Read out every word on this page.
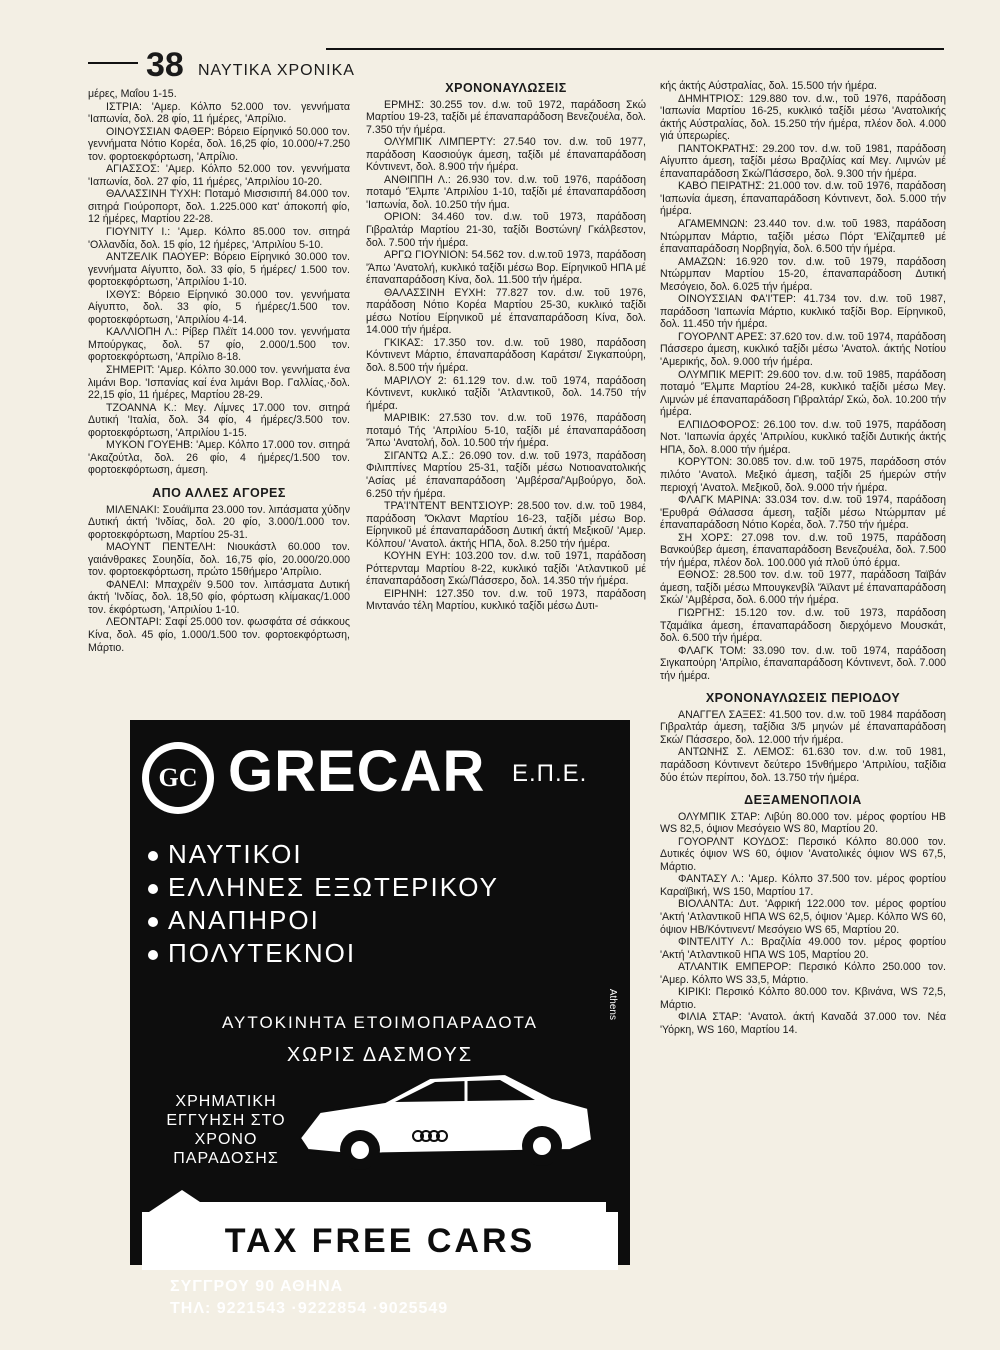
38 ΝΑΥΤΙΚΑ ΧΡΟΝΙΚΑ

μέρες, Μαΐου 1-15.

ΙΣΤΡΙΑ: 'Αμερ. Κόλπο 52.000 τον. γεννήματα 'Ιαπωνία, δολ. 28 φίο, 11 ήμέρες, 'Απρίλιο.

ΟΙΝΟΥΣΣΙΑΝ ΦΑΘΕΡ: Βόρειο Είρηνικό 50.000 τον. γεννήματα Νότιο Κορέα, δολ. 16,25 φίο, 10.000/+7.250 τον. φορτοεκφόρτωση, 'Απρίλιο.

ΑΓΙΑΣΣΟΣ: 'Αμερ. Κόλπο 52.000 τον. γεννήματα 'Ιαπωνία, δολ. 27 φίο, 11 ήμέρες, 'Απριλίου 10-20.

ΘΑΛΑΣΣΙΝΗ ΤΥΧΗ: Ποταμό Μισσισιπή 84.000 τον. σιτηρά Γιούροπορτ, δολ. 1.225.000 κατ' άποκοπή φίο, 12 ήμέρες, Μαρτίου 22-28.

ΓΙΟΥΝΙΤΥ Ι.: 'Αμερ. Κόλπο 85.000 τον. σιτηρά 'Ολλανδία, δολ. 15 φίο, 12 ήμέρες, 'Απριλίου 5-10.

ΑΝΤΖΕΛΙΚ ΠΑΟΥΕΡ: Βόρειο Είρηνικό 30.000 τον. γεννήματα Αίγυπτο, δολ. 33 φίο, 5 ήμέρες/ 1.500 τον. φορτοεκφόρτωση, 'Απριλίου 1-10.

ΙΧΘΥΣ: Βόρειο Είρηνικό 30.000 τον. γεννήματα Αίγυπτο, δολ. 33 φίο, 5 ήμέρες/1.500 τον. φορτοεκφόρτωση, 'Απριλίου 4-14.

ΚΑΛΛΙΟΠΗ Λ.: Ρίβερ Πλέϊτ 14.000 τον. γεννήματα Μπούργκας, δολ. 57 φίο, 2.000/1.500 τον. φορτοεκφόρτωση, 'Απρίλιο 8-18.

ΣΗΜΕΡΙΤ: 'Αμερ. Κόλπο 30.000 τον. γεννήματα ένα λιμάνι Βορ. 'Ισπανίας καί ένα λιμάνι Βορ. Γαλλίας,·δολ. 22,15 φίο, 11 ήμέρες, Μαρτίου 28-29.

ΤΖΟΑΝΝΑ Κ.: Μεγ. Λίμνες 17.000 τον. σιτηρά Δυτική 'Ιταλία, δολ. 34 φίο, 4 ήμέρες/3.500 τον. φορτοεκφόρτωση, 'Απριλίου 1-15.

ΜΥΚΟΝ ΓΟΥΕΗΒ: 'Αμερ. Κόλπο 17.000 τον. σιτηρά 'Ακαζούτλα, δολ. 26 φίο, 4 ήμέρες/1.500 τον. φορτοεκφόρτωση, άμεση.

ΑΠΟ ΑΛΛΕΣ ΑΓΟΡΕΣ

ΜΙΛΕΝΑΚΙ: Σουάϊμπα 23.000 τον. λιπάσματα χύδην Δυτική άκτή 'Ινδίας, δολ. 20 φίο, 3.000/1.000 τον. φορτοεκφόρτωση, Μαρτίου 25-31.

ΜΑΟΥΝΤ ΠΕΝΤΕΛΗ: Νιουκάστλ 60.000 τον. γαιάνθρακες Σουηδία, δολ. 16,75 φίο, 20.000/20.000 τον. φορτοεκφόρτωση, πρώτο 15θήμερο 'Απρίλιο.

ΦΑΝΕΛΙ: Μπαχρέϊν 9.500 τον. λιπάσματα Δυτική άκτή 'Ινδίας, δολ. 18,50 φίο, φόρτωση κλίμακας/1.000 τον. έκφόρτωση, 'Απριλίου 1-10.

ΛΕΟΝΤΑΡΙ: Σαφί 25.000 τον. φωσφάτα σέ σάκκους Κίνα, δολ. 45 φίο, 1.000/1.500 τον. φορτοεκφόρτωση, Μάρτιο.

ΧΡΟΝΟΝΑΥΛΩΣΕΙΣ

ΕΡΜΗΣ: 30.255 τον. d.w. τοῦ 1972, παράδοση Σκώ Μαρτίου 19-23, ταξίδι μέ έπαναπαράδοση Βενεζουέλα, δολ. 7.350 τήν ήμέρα.

ΟΛΥΜΠΙΚ ΛΙΜΠΕΡΤΥ: 27.540 τον. d.w. τοῦ 1977, παράδοση Καοσιούγκ άμεση, ταξίδι μέ έπαναπαράδοση Κόντινεντ, δολ. 8.900 τήν ήμέρα.

ΑΝΘΙΠΠΗ Λ.: 26.930 τον. d.w. τοῦ 1976, παράδοση ποταμό 'Έλμπε 'Απριλίου 1-10, ταξίδι μέ έπαναπαράδοση 'Ιαπωνία, δολ. 10.250 τήν ήμα.

ΟΡΙΟΝ: 34.460 τον. d.w. τοῦ 1973, παράδοση Γιβραλτάρ Μαρτίου 21-30, ταξίδι Βοστώνη/ Γκάλβεστον, δολ. 7.500 τήν ήμέρα.

ΑΡΓΩ ΓΙΟΥΝΙΟΝ: 54.562 τον. d.w.τοῦ 1973, παράδοση 'Άπω 'Ανατολή, κυκλικό ταξίδι μέσω Βορ. Είρηνικοῦ ΗΠΑ μέ έπαναπαράδοση Κίνα, δολ. 11.500 τήν ήμέρα.

ΘΑΛΑΣΣΙΝΗ ΕΥΧΗ: 77.827 τον. d.w. τοῦ 1976, παράδοση Νότιο Κορέα Μαρτίου 25-30, κυκλικό ταξίδι μέσω Νοτίου Είρηνικοῦ μέ έπαναπαράδοση Κίνα, δολ. 14.000 τήν ήμέρα.

ΓΚΙΚΑΣ: 17.350 τον. d.w. τοῦ 1980, παράδοση Κόντινεντ Μάρτιο, έπαναπαράδοση Καράτσι/ Σιγκαπούρη, δολ. 8.500 τήν ήμέρα.

ΜΑΡΙΛΟΥ 2: 61.129 τον. d.w. τοῦ 1974, παράδοση Κόντινεντ, κυκλικό ταξίδι 'Ατλαντικοῦ, δολ. 14.750 τήν ήμέρα.

ΜΑΡΙΒΙΚ: 27.530 τον. d.w. τοῦ 1976, παράδοση ποταμό Τής 'Απριλίου 5-10, ταξίδι μέ έπαναπαράδοση 'Άπω 'Ανατολή, δολ. 10.500 τήν ήμέρα.

ΣΙΓΑΝΤΩ Α.Σ.: 26.090 τον. d.w. τοῦ 1973, παράδοση Φιλιππίνες Μαρτίου 25-31, ταξίδι μέσω Νοτιοανατολικής 'Ασίας μέ έπαναπαράδοση 'Αμβέρσα/'Αμβούργο, δολ. 6.250 τήν ήμέρα.

ΤΡΑ'Ι'ΝΤΕΝΤ ΒΕΝΤΣΙΟΥΡ: 28.500 τον. d.w. τοῦ 1984, παράδοση 'Όκλαντ Μαρτίου 16-23, ταξίδι μέσω Βορ. Είρηνικοῦ μέ έπαναπαράδοση Δυτική άκτή Μεξικοῦ/ 'Αμερ. Κόλπου/ 'Ανατολ. άκτής ΗΠΑ, δολ. 8.250 τήν ήμέρα.

ΚΟΥΗΝ ΕΥΗ: 103.200 τον. d.w. τοῦ 1971, παράδοση Ρόττερνταμ Μαρτίου 8-22, κυκλικό ταξίδι 'Ατλαντικοῦ μέ έπαναπαράδοση Σκώ/Πάσσερο, δολ. 14.350 τήν ήμέρα.

ΕΙΡΗΝΗ: 127.350 τον. d.w. τοῦ 1973, παράδοση Μιντανάο τέλη Μαρτίου, κυκλικό ταξίδι μέσω Δυτι-

κής άκτής Αύστραλίας, δολ. 15.500 τήν ήμέρα.

ΔΗΜΗΤΡΙΟΣ: 129.880 τον. d.w., τοῦ 1976, παράδοση 'Ιαπωνία Μαρτίου 16-25, κυκλικό ταξίδι μέσω 'Ανατολικής άκτής Αύστραλίας, δολ. 15.250 τήν ήμέρα, πλέον δολ. 4.000 γιά ύπερωρίες.

ΠΑΝΤΟΚΡΑΤΗΣ: 29.200 τον. d.w. τοῦ 1981, παράδοση Αίγυπτο άμεση, ταξίδι μέσω Βραζιλίας καί Μεγ. Λιμνών μέ έπαναπαράδοση Σκώ/Πάσσερο, δολ. 9.300 τήν ήμέρα.

ΚΑΒΟ ΠΕΙΡΑΤΗΣ: 21.000 τον. d.w. τοῦ 1976, παράδοση 'Ιαπωνία άμεση, έπαναπαράδοση Κόντινεντ, δολ. 5.000 τήν ήμέρα.

ΑΓΑΜΕΜΝΩΝ: 23.440 τον. d.w. τοῦ 1983, παράδοση Ντώρμπαν Μάρτιο, ταξίδι μέσω Πόρτ 'Ελίζαμπεθ μέ έπαναπαράδοση Νορβηγία, δολ. 6.500 τήν ήμέρα.

ΑΜΑΖΩΝ: 16.920 τον. d.w. τοῦ 1979, παράδοση Ντώρμπαν Μαρτίου 15-20, έπαναπαράδοση Δυτική Μεσόγειο, δολ. 6.025 τήν ήμέρα.

ΟΙΝΟΥΣΣΙΑΝ ΦΑ'Ι'ΤΕΡ: 41.734 τον. d.w. τοῦ 1987, παράδοση 'Ιαπωνία Μάρτιο, κυκλικό ταξίδι Βορ. Είρηνικοῦ, δολ. 11.450 τήν ήμέρα.

ΓΟΥΟΡΛΝΤ ΑΡΕΣ: 37.620 τον. d.w. τοῦ 1974, παράδοση Πάσσερο άμεση, κυκλικό ταξίδι μέσω 'Ανατολ. άκτής Νοτίου 'Αμερικής, δολ. 9.000 τήν ήμέρα.

ΟΛΥΜΠΙΚ ΜΕΡΙΤ: 29.600 τον. d.w. τοῦ 1985, παράδοση ποταμό 'Έλμπε Μαρτίου 24-28, κυκλικό ταξίδι μέσω Μεγ. Λιμνών μέ έπαναπαράδοση Γιβραλτάρ/ Σκώ, δολ. 10.200 τήν ήμέρα.

ΕΛΠΙΔΟΦΟΡΟΣ: 26.100 τον. d.w. τοῦ 1975, παράδοση Νοτ. 'Ιαπωνία άρχές 'Απριλίου, κυκλικό ταξίδι Δυτικής άκτής ΗΠΑ, δολ. 8.000 τήν ήμέρα.

ΚΟΡΥΤΟΝ: 30.085 τον. d.w. τοῦ 1975, παράδοση στόν πιλότο 'Ανατολ. Μεξικό άμεση, ταξίδι 25 ήμερών στήν περιοχή 'Ανατολ. Μεξικοῦ, δολ. 9.000 τήν ήμέρα.

ΦΛΑΓΚ ΜΑΡΙΝΑ: 33.034 τον. d.w. τοῦ 1974, παράδοση 'Ερυθρά Θάλασσα άμεση, ταξίδι μέσω Ντώρμπαν μέ έπαναπαράδοση Νότιο Κορέα, δολ. 7.750 τήν ήμέρα.

ΣΗ ΧΟΡΣ: 27.098 τον. d.w. τοῦ 1975, παράδοση Βανκούβερ άμεση, έπαναπαράδοση Βενεζουέλα, δολ. 7.500 τήν ήμέρα, πλέον δολ. 100.000 γιά πλοῦ ύπό έρμα.

ΕΘΝΟΣ: 28.500 τον. d.w. τοῦ 1977, παράδοση Ταϊβάν άμεση, ταξίδι μέσω Μπουγκενβίλ 'Άϊλαντ μέ έπαναπαράδοση Σκώ/ 'Αμβέρσα, δολ. 6.000 τήν ήμέρα.

ΓΙΩΡΓΗΣ: 15.120 τον. d.w. τοῦ 1973, παράδοση Τζαμάϊκα άμεση, έπαναπαράδοση διερχόμενο Μουσκάτ, δολ. 6.500 τήν ήμέρα.

ΦΛΑΓΚ ΤΟΜ: 33.090 τον. d.w. τοῦ 1974, παράδοση Σιγκαπούρη 'Απρίλιο, έπαναπαράδοση Κόντινεντ, δολ. 7.000 τήν ήμέρα.

ΧΡΟΝΟΝΑΥΛΩΣΕΙΣ ΠΕΡΙΟΔΟΥ

ΑΝΑΓΓΕΛ ΣΑΞΕΣ: 41.500 τον. d.w. τοῦ 1984 παράδοση Γιβραλτάρ άμεση, ταξίδια 3/5 μηνών μέ έπαναπαράδοση Σκώ/ Πάσσερο, δολ. 12.000 τήν ήμέρα.

ΑΝΤΩΝΗΣ Σ. ΛΕΜΟΣ: 61.630 τον. d.w. τοῦ 1981, παράδοση Κόντινεντ δεύτερο 15νθήμερο 'Απριλίου, ταξίδια δύο έτών περίπου, δολ. 13.750 τήν ήμέρα.

ΔΕΞΑΜΕΝΟΠΛΟΙΑ

ΟΛΥΜΠΙΚ ΣΤΑΡ: Λιβύη 80.000 τον. μέρος φορτίου ΗΒ WS 82,5, όψιον Μεσόγειο WS 80, Μαρτίου 20.

ΓΟΥΟΡΛΝΤ ΚΟΥΔΟΣ: Περσικό Κόλπο 80.000 τον. Δυτικές όψιον WS 60, όψιον 'Ανατολικές όψιον WS 67,5, Μάρτιο.

ΦΑΝΤΑΣΥ Λ.: 'Αμερ. Κόλπο 37.500 τον. μέρος φορτίου Καραϊβική, WS 150, Μαρτίου 17.

ΒΙΟΛΑΝΤΑ: Δυτ. 'Αφρική 122.000 τον. μέρος φορτίου 'Ακτή 'Ατλαντικοῦ ΗΠΑ WS 62,5, όψιον 'Αμερ. Κόλπο WS 60, όψιον ΗΒ/Κόντινεντ/ Μεσόγειο WS 65, Μαρτίου 20.

ΦΙΝΤΕΛΙΤΥ Λ.: Βραζιλία 49.000 τον. μέρος φορτίου 'Ακτή 'Ατλαντικοῦ ΗΠΑ WS 105, Μαρτίου 20.

ΑΤΛΑΝΤΙΚ ΕΜΠΕΡΟΡ: Περσικό Κόλπο 250.000 τον. 'Αμερ. Κόλπο WS 33,5, Μάρτιο.

ΚΙΡΙΚΙ: Περσικό Κόλπο 80.000 τον. Κβινάνα, WS 72,5, Μάρτιο.

ΦΙΛΙΑ ΣΤΑΡ: 'Ανατολ. άκτή Καναδά 37.000 τον. Νέα 'Υόρκη, WS 160, Μαρτίου 14.

GC GRECAR Ε.Π.Ε.
ΝΑΥΤΙΚΟΙ
ΕΛΛΗΝΕΣ ΕΞΩΤΕΡΙΚΟΥ
ΑΝΑΠΗΡΟΙ
ΠΟΛΥΤΕΚΝΟΙ
ΑΥΤΟΚΙΝΗΤΑ ΕΤΟΙΜΟΠΑΡΑΔΟΤΑ
ΧΩΡΙΣ ΔΑΣΜΟΥΣ
ΧΡΗΜΑΤΙΚΗ ΕΓΓΥΗΣΗ ΣΤΟ ΧΡΟΝΟ ΠΑΡΑΔΟΣΗΣ
Athens
TAX FREE CARS
ΣΥΓΓΡΟΥ 90 ΑΘΗΝΑ
ΤΗΛ: 9221543 ·9222854 ·9025549
